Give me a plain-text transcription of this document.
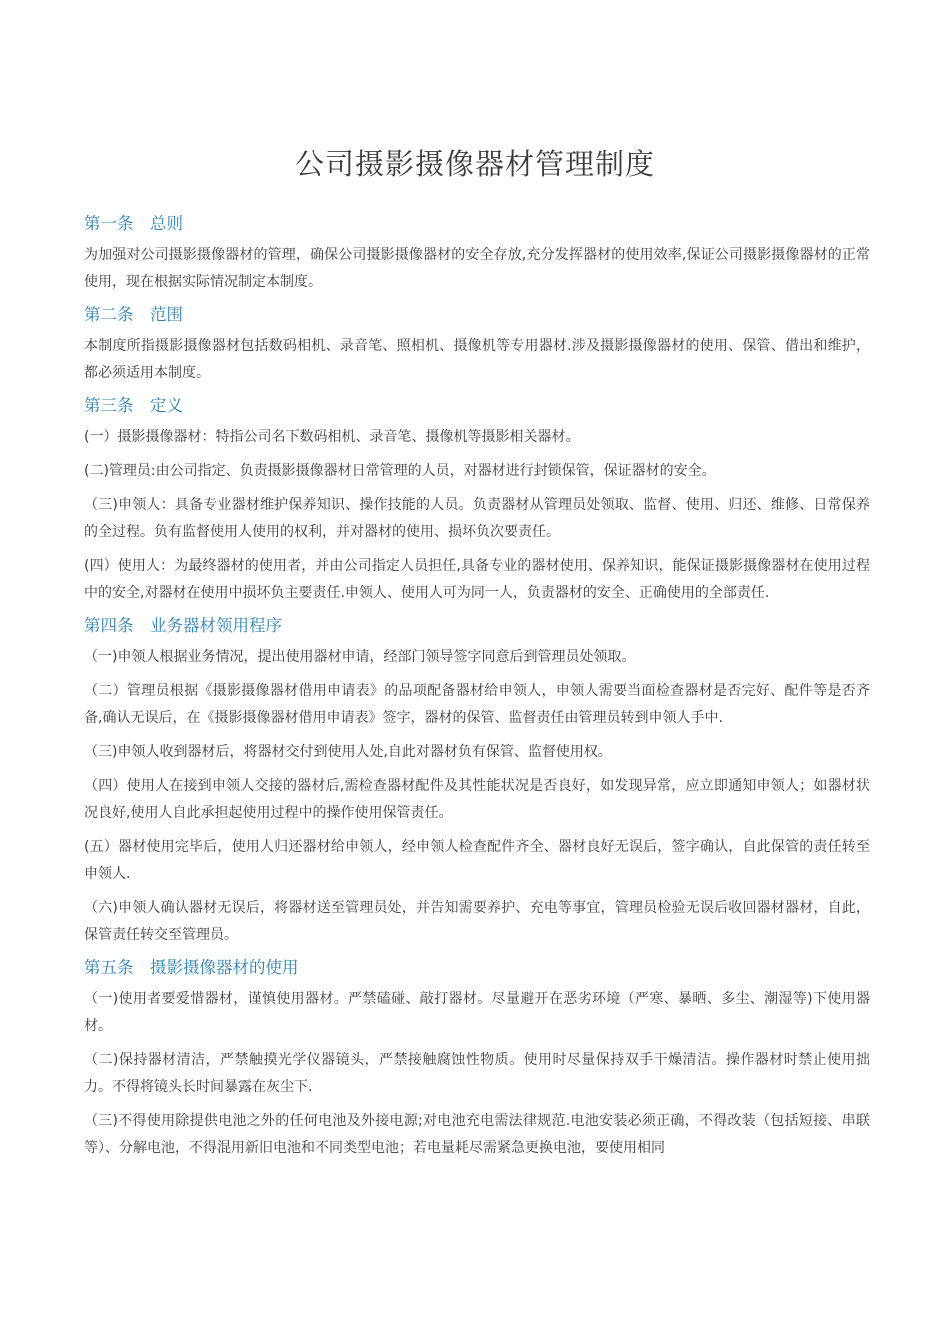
公司摄影摄像器材管理制度
第一条　总则

为加强对公司摄影摄像器材的管理，确保公司摄影摄像器材的安全存放,充分发挥器材的使用效率,保证公司摄影摄像器材的正常使用，现在根据实际情况制定本制度。

第二条　范围

本制度所指摄影摄像器材包括数码相机、录音笔、照相机、摄像机等专用器材.涉及摄影摄像器材的使用、保管、借出和维护，都必须适用本制度。

第三条　定义

(一）摄影摄像器材：特指公司名下数码相机、录音笔、摄像机等摄影相关器材。

(二)管理员:由公司指定、负责摄影摄像器材日常管理的人员，对器材进行封锁保管，保证器材的安全。

（三)申领人：具备专业器材维护保养知识、操作技能的人员。负责器材从管理员处领取、监督、使用、归还、维修、日常保养的全过程。负有监督使用人使用的权利，并对器材的使用、损坏负次要责任。

(四）使用人：为最终器材的使用者，并由公司指定人员担任,具备专业的器材使用、保养知识，能保证摄影摄像器材在使用过程中的安全,对器材在使用中损坏负主要责任.申领人、使用人可为同一人，负责器材的安全、正确使用的全部责任.

第四条　业务器材领用程序

（一)申领人根据业务情况，提出使用器材申请，经部门领导签字同意后到管理员处领取。

（二）管理员根据《摄影摄像器材借用申请表》的品项配备器材给申领人，申领人需要当面检查器材是否完好、配件等是否齐备,确认无误后，在《摄影摄像器材借用申请表》签字，器材的保管、监督责任由管理员转到申领人手中.

（三)申领人收到器材后，将器材交付到使用人处,自此对器材负有保管、监督使用权。

（四）使用人在接到申领人交接的器材后,需检查器材配件及其性能状况是否良好，如发现异常，应立即通知申领人；如器材状况良好,使用人自此承担起使用过程中的操作使用保管责任。

(五）器材使用完毕后，使用人归还器材给申领人，经申领人检查配件齐全、器材良好无误后，签字确认，自此保管的责任转至申领人.

（六)申领人确认器材无误后，将器材送至管理员处，并告知需要养护、充电等事宜，管理员检验无误后收回器材器材，自此，保管责任转交至管理员。

第五条　摄影摄像器材的使用

（一)使用者要爱惜器材，谨慎使用器材。严禁磕碰、敲打器材。尽量避开在恶劣环境（严寒、暴晒、多尘、潮湿等)下使用器材。

（二)保持器材清洁，严禁触摸光学仪器镜头，严禁接触腐蚀性物质。使用时尽量保持双手干燥清洁。操作器材时禁止使用拙力。不得将镜头长时间暴露在灰尘下.

（三)不得使用除提供电池之外的任何电池及外接电源;对电池充电需法律规范.电池安装必须正确，不得改装（包括短接、串联等）、分解电池，不得混用新旧电池和不同类型电池；若电量耗尽需紧急更换电池，要使用相同
